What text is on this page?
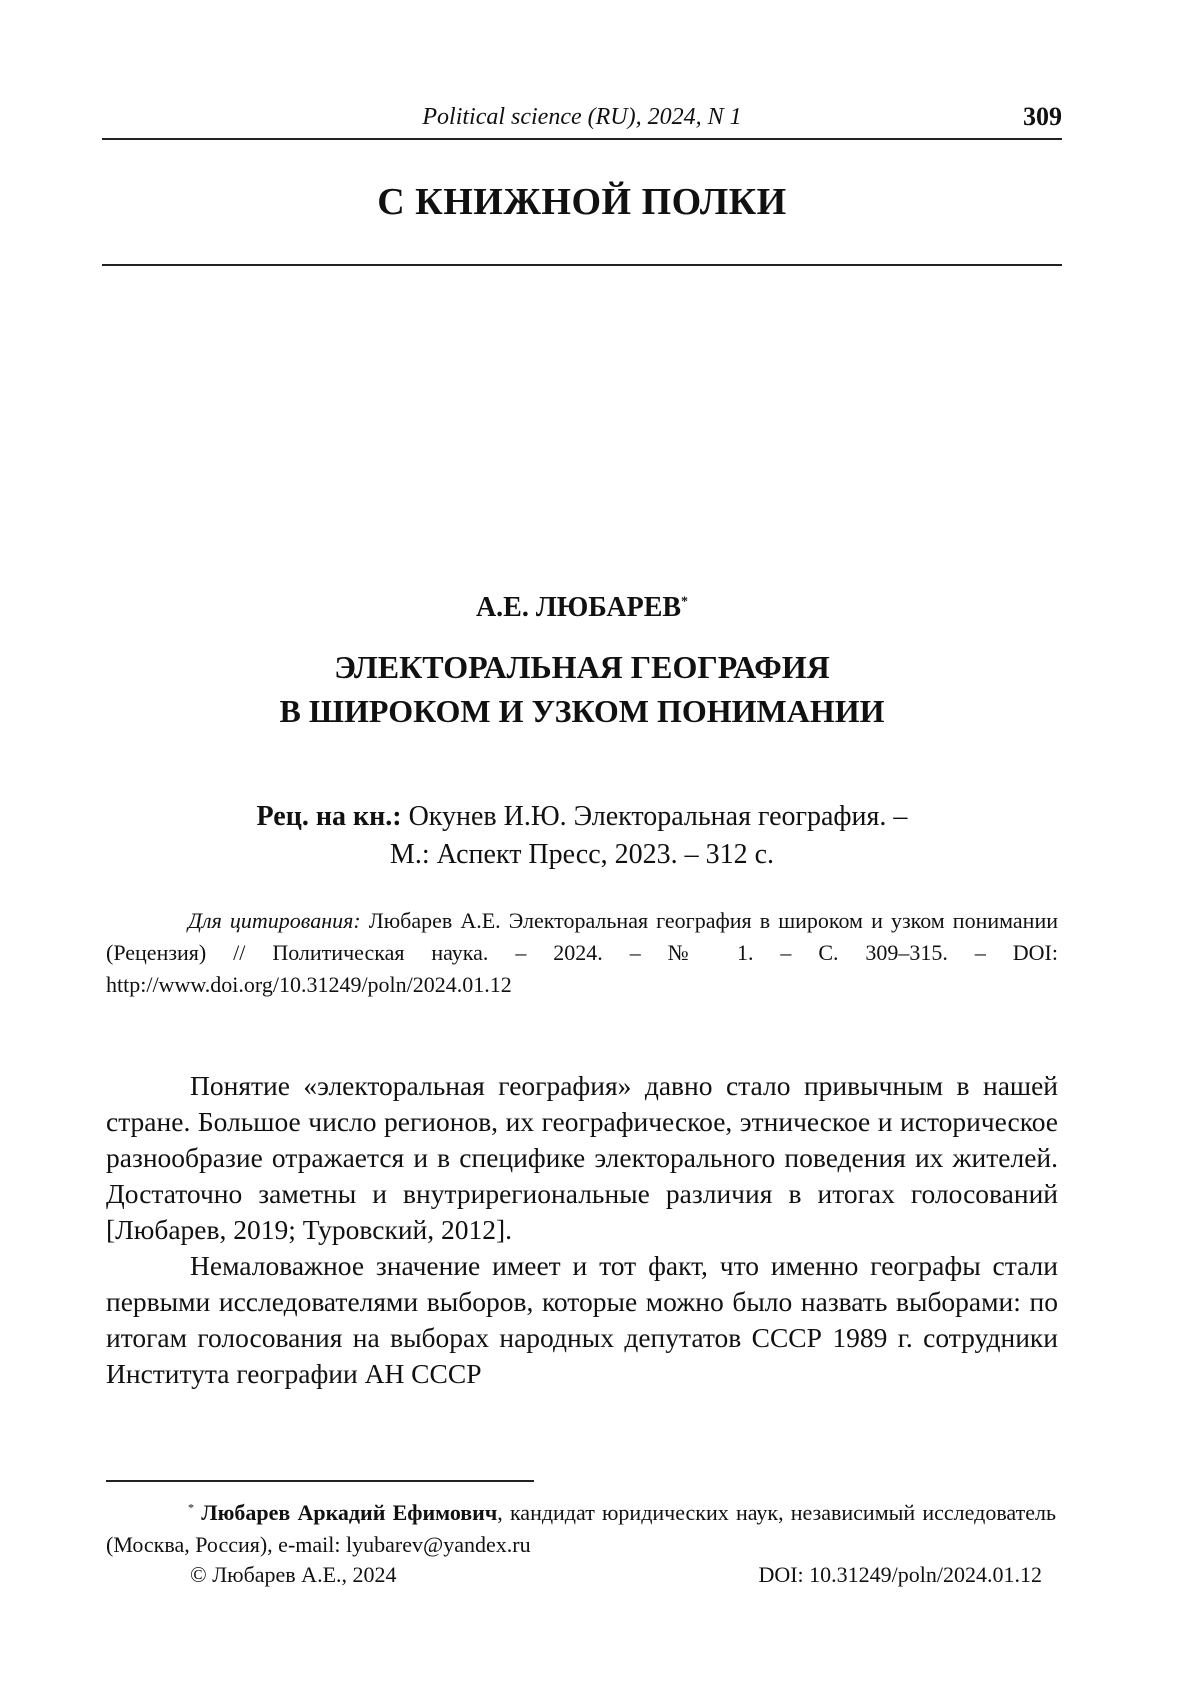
Political science (RU), 2024, N 1	309
С КНИЖНОЙ ПОЛКИ
А.Е. ЛЮБАРЕВ*
ЭЛЕКТОРАЛЬНАЯ ГЕОГРАФИЯ
В ШИРОКОМ И УЗКОМ ПОНИМАНИИ
Рец. на кн.: Окунев И.Ю. Электоральная география. –
М.: Аспект Пресс, 2023. – 312 с.
Для цитирования: Любарев А.Е. Электоральная география в широком и узком понимании (Рецензия) // Политическая наука. – 2024. – № 1. – С. 309–315. – DOI: http://www.doi.org/10.31249/poln/2024.01.12

Понятие «электоральная география» давно стало привычным в нашей стране. Большое число регионов, их географическое, этническое и историческое разнообразие отражается и в специфике электорального поведения их жителей. Достаточно заметны и внутрирегиональные различия в итогах голосований [Любарев, 2019; Туровский, 2012].

Немаловажное значение имеет и тот факт, что именно географы стали первыми исследователями выборов, которые можно было назвать выборами: по итогам голосования на выборах народных депутатов СССР 1989 г. сотрудники Института географии АН СССР

* Любарев Аркадий Ефимович, кандидат юридических наук, независимый исследователь (Москва, Россия), e-mail: lyubarev@yandex.ru
© Любарев А.Е., 2024	DOI: 10.31249/poln/2024.01.12
